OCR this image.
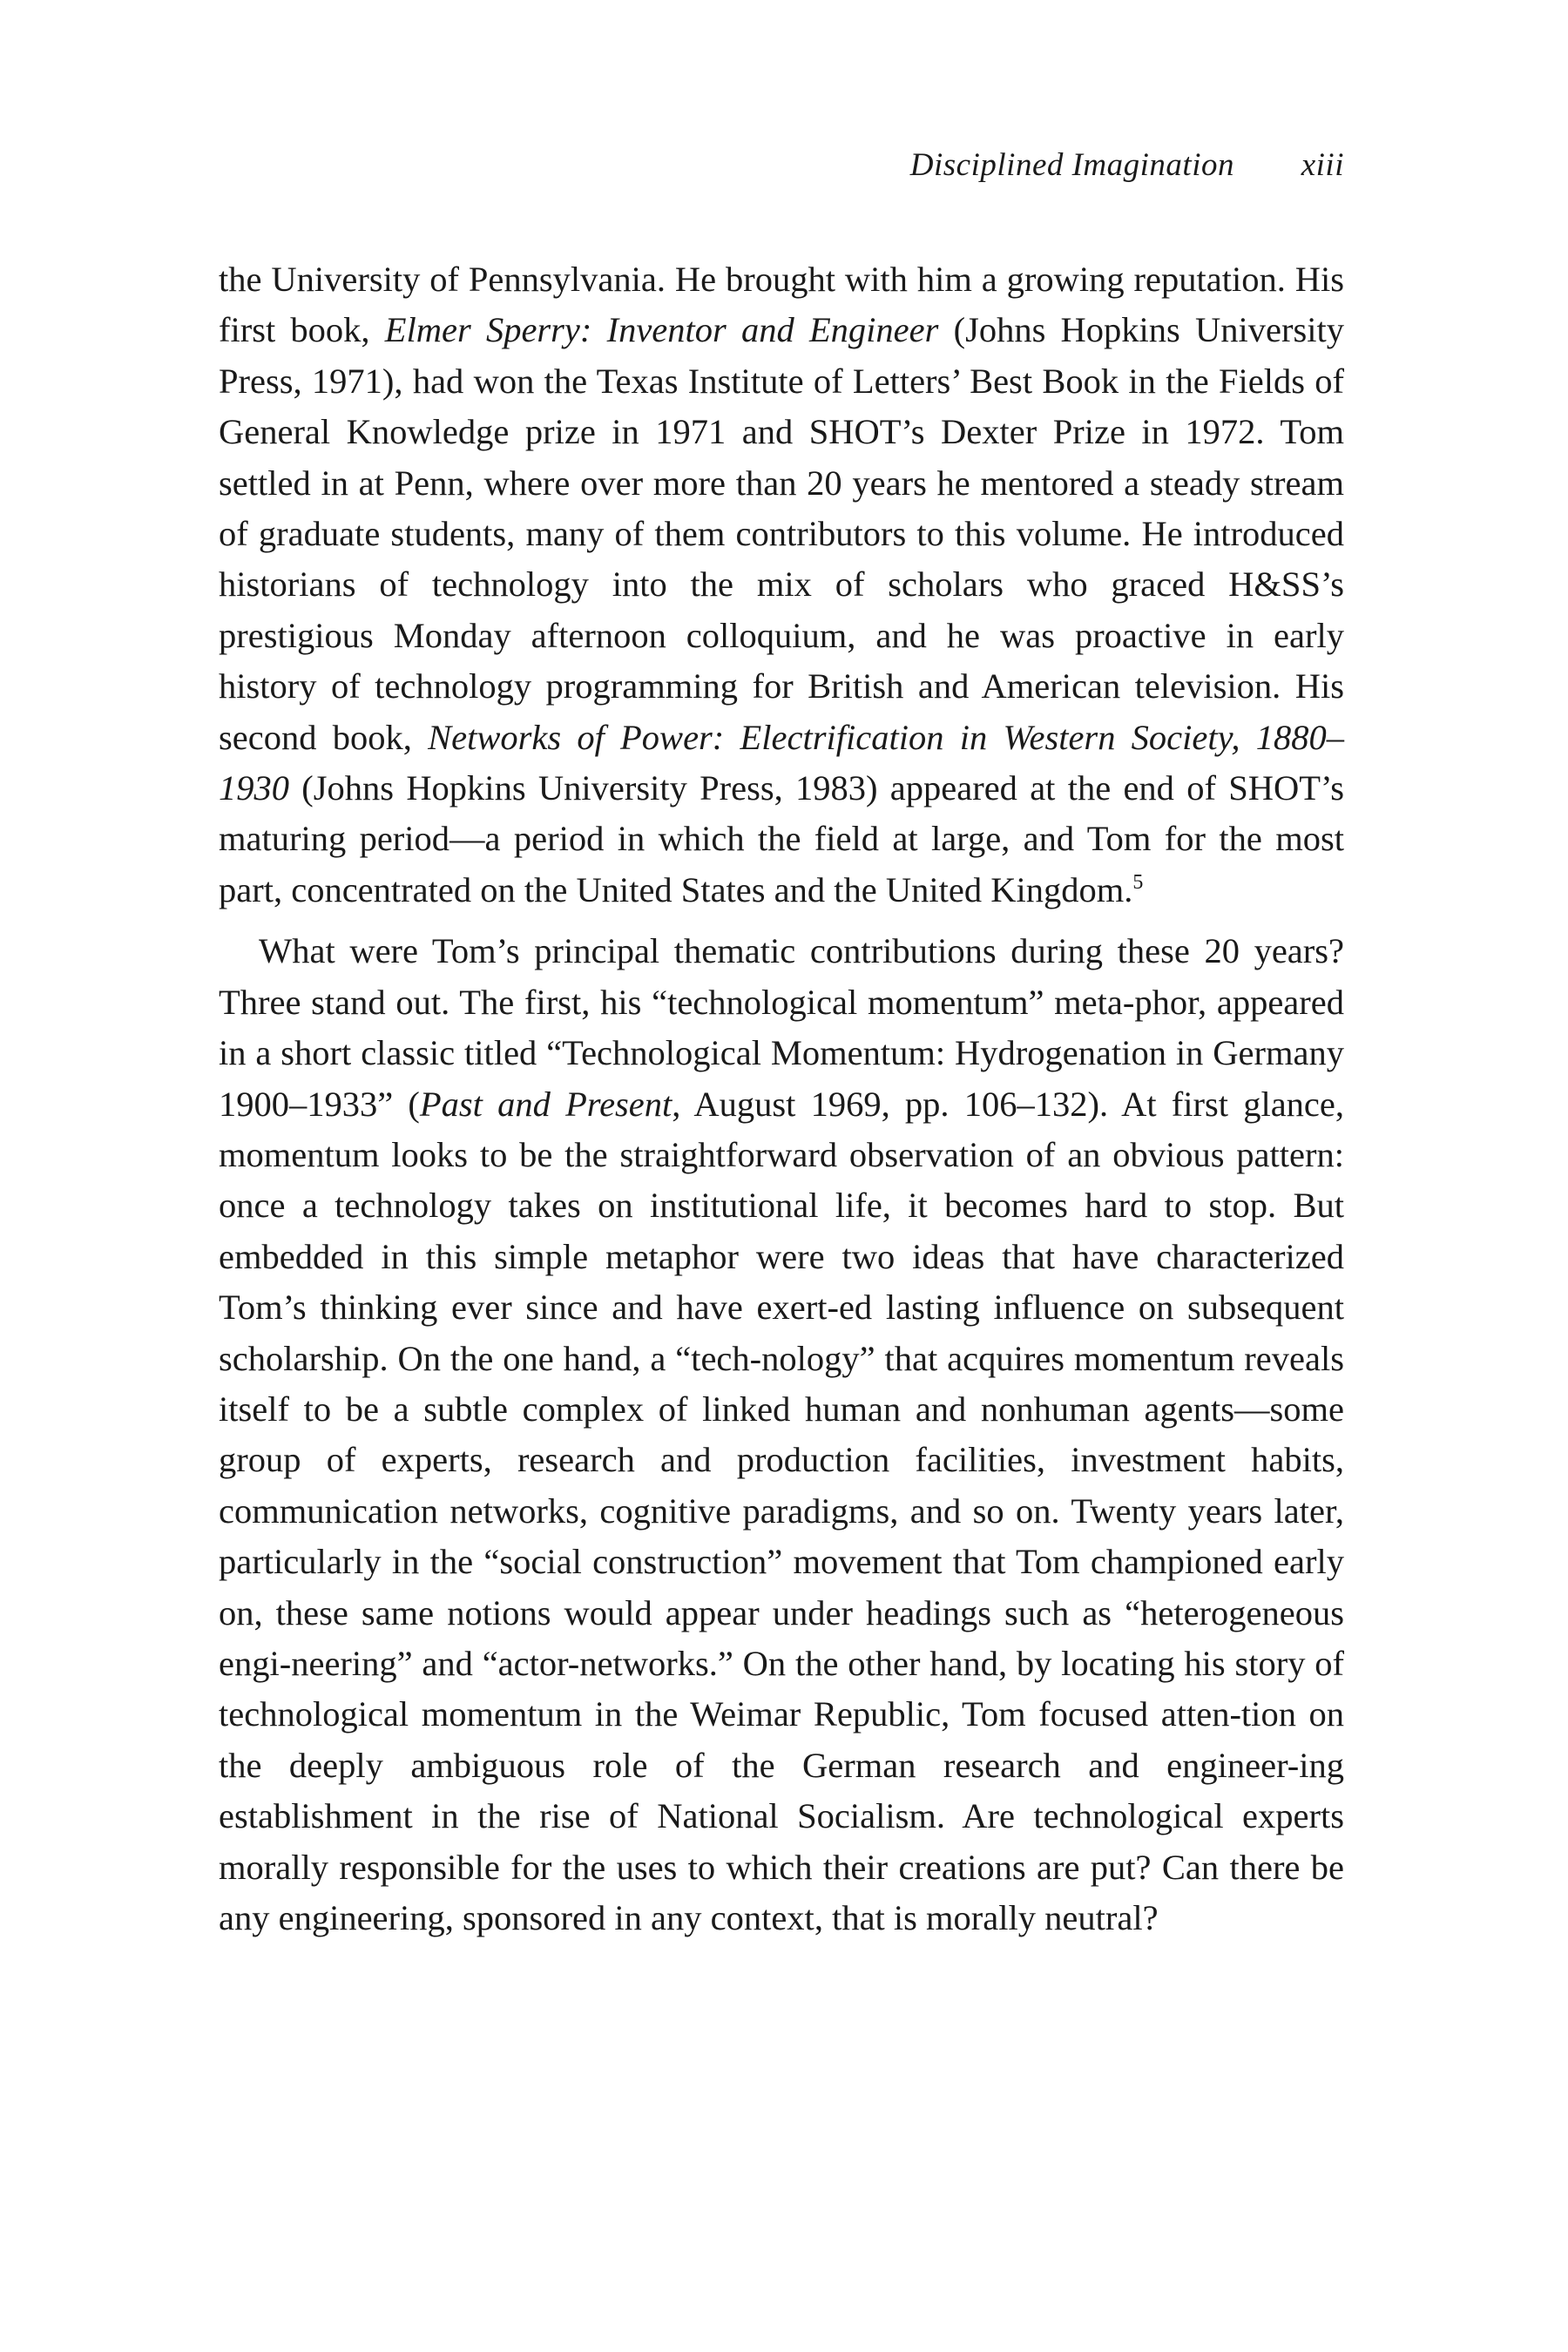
Disciplined Imagination xiii

the University of Pennsylvania. He brought with him a growing reputation. His first book, Elmer Sperry: Inventor and Engineer (Johns Hopkins University Press, 1971), had won the Texas Institute of Letters’ Best Book in the Fields of General Knowledge prize in 1971 and SHOT’s Dexter Prize in 1972. Tom settled in at Penn, where over more than 20 years he mentored a steady stream of graduate students, many of them contributors to this volume. He introduced historians of technology into the mix of scholars who graced H&SS’s prestigious Monday afternoon colloquium, and he was proactive in early history of technology programming for British and American television. His second book, Networks of Power: Electrification in Western Society, 1880–1930 (Johns Hopkins University Press, 1983) appeared at the end of SHOT’s maturing period—a period in which the field at large, and Tom for the most part, concentrated on the United States and the United Kingdom.$^5$

What were Tom’s principal thematic contributions during these 20 years? Three stand out. The first, his “technological momentum” meta-phor, appeared in a short classic titled “Technological Momentum: Hydrogenation in Germany 1900–1933” (Past and Present, August 1969, pp. 106–132). At first glance, momentum looks to be the straightforward observation of an obvious pattern: once a technology takes on institutional life, it becomes hard to stop. But embedded in this simple metaphor were two ideas that have characterized Tom’s thinking ever since and have exert-ed lasting influence on subsequent scholarship. On the one hand, a “tech-nology” that acquires momentum reveals itself to be a subtle complex of linked human and nonhuman agents—some group of experts, research and production facilities, investment habits, communication networks, cognitive paradigms, and so on. Twenty years later, particularly in the “social construction” movement that Tom championed early on, these same notions would appear under headings such as “heterogeneous engi-neering” and “actor-networks.” On the other hand, by locating his story of technological momentum in the Weimar Republic, Tom focused atten-tion on the deeply ambiguous role of the German research and engineer-ing establishment in the rise of National Socialism. Are technological experts morally responsible for the uses to which their creations are put? Can there be any engineering, sponsored in any context, that is morally neutral?
